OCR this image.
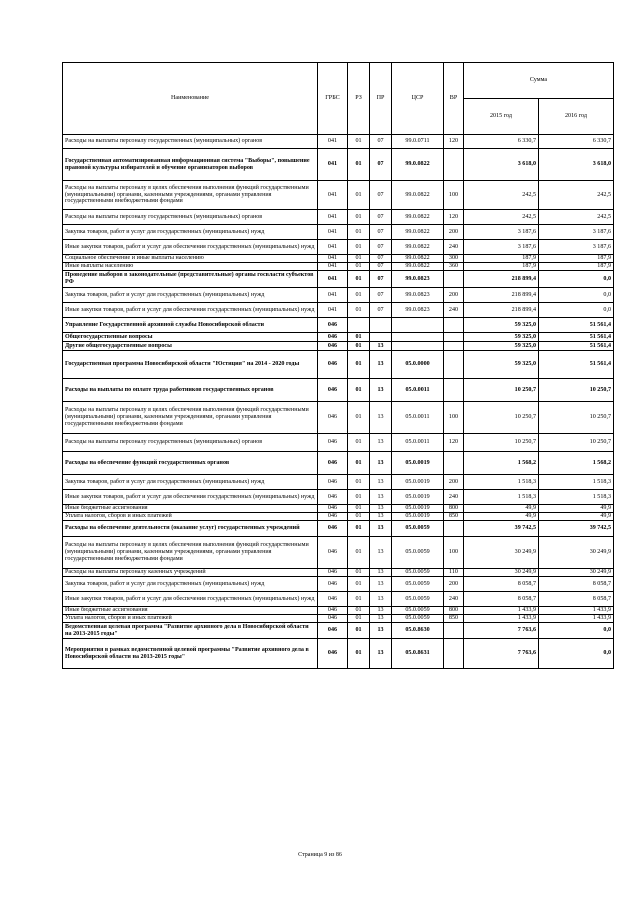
Наименование	ГРБС	РЗ	ПР	ЦСР	ВР	Сумма	
						2015 год	2016 год
Расходы на выплаты персоналу государственных (муниципальных) органов	041	01	07	99.0.0711	120	6 330,7	6 330,7
Государственная автоматизированная информационная система "Выборы", повышение правовой культуры избирателей и обучение организаторов выборов	041	01	07	99.0.0822		3 618,0	3 618,0
Расходы на выплаты персоналу в целях обеспечения выполнения функций государственными (муниципальными) органами, казенными учреждениями, органами управления государственными внебюджетными фондами	041	01	07	99.0.0822	100	242,5	242,5
Расходы на выплаты персоналу государственных (муниципальных) органов	041	01	07	99.0.0822	120	242,5	242,5
Закупка товаров, работ и услуг для государственных (муниципальных) нужд	041	01	07	99.0.0822	200	3 187,6	3 187,6
Иные закупки товаров, работ и услуг для обеспечения государственных (муниципальных) нужд	041	01	07	99.0.0822	240	3 187,6	3 187,6
Социальное обеспечение и иные выплаты населению	041	01	07	99.0.0822	300	187,9	187,9
Иные выплаты населению	041	01	07	99.0.0822	360	187,9	187,9
Проведение выборов в законодательные (представительные) органы госвласти субъектов РФ	041	01	07	99.0.0823		218 899,4	0,0
Закупка товаров, работ и услуг для государственных (муниципальных) нужд	041	01	07	99.0.0823	200	218 899,4	0,0
Иные закупки товаров, работ и услуг для обеспечения государственных (муниципальных) нужд	041	01	07	99.0.0823	240	218 899,4	0,0
Управление Государственной архивной службы Новосибирской области	046					59 325,0	51 561,4
Общегосударственные вопросы	046	01				59 325,0	51 561,4
Другие общегосударственные вопросы	046	01	13			59 325,0	51 561,4
Государственная программа Новосибирской области "Юстиция" на 2014 - 2020 годы	046	01	13	05.0.0000		59 325,0	51 561,4
Расходы на выплаты по оплате труда работников государственных органов	046	01	13	05.0.0011		10 250,7	10 250,7
Расходы на выплаты персоналу в целях обеспечения выполнения функций государственными (муниципальными) органами, казенными учреждениями, органами управления государственными внебюджетными фондами	046	01	13	05.0.0011	100	10 250,7	10 250,7
Расходы на выплаты персоналу государственных (муниципальных) органов	046	01	13	05.0.0011	120	10 250,7	10 250,7
Расходы на обеспечение функций государственных органов	046	01	13	05.0.0019		1 568,2	1 568,2
Закупка товаров, работ и услуг для государственных (муниципальных) нужд	046	01	13	05.0.0019	200	1 518,3	1 518,3
Иные закупки товаров, работ и услуг для обеспечения государственных (муниципальных) нужд	046	01	13	05.0.0019	240	1 518,3	1 518,3
Иные бюджетные ассигнования	046	01	13	05.0.0019	800	49,9	49,9
Уплата налогов, сборов и иных платежей	046	01	13	05.0.0019	850	49,9	49,9
Расходы на обеспечение деятельности (оказание услуг) государственных учреждений	046	01	13	05.0.0059		39 742,5	39 742,5
Расходы на выплаты персоналу в целях обеспечения выполнения функций государственными (муниципальными) органами, казенными учреждениями, органами управления государственными внебюджетными фондами	046	01	13	05.0.0059	100	30 249,9	30 249,9
Расходы на выплаты персоналу казенных учреждений	046	01	13	05.0.0059	110	30 249,9	30 249,9
Закупка товаров, работ и услуг для государственных (муниципальных) нужд	046	01	13	05.0.0059	200	8 058,7	8 058,7
Иные закупки товаров, работ и услуг для обеспечения государственных (муниципальных) нужд	046	01	13	05.0.0059	240	8 058,7	8 058,7
Иные бюджетные ассигнования	046	01	13	05.0.0059	800	1 433,9	1 433,9
Уплата налогов, сборов и иных платежей	046	01	13	05.0.0059	850	1 433,9	1 433,9
Ведомственная целевая программа "Развитие архивного дела в Новосибирской области на 2013-2015 годы"	046	01	13	05.0.8630		7 763,6	0,0
Мероприятия в рамках ведомственной целевой программы "Развитие архивного дела в Новосибирской области на 2013-2015 годы"	046	01	13	05.0.8631		7 763,6	0,0
Страница 9 из 86
